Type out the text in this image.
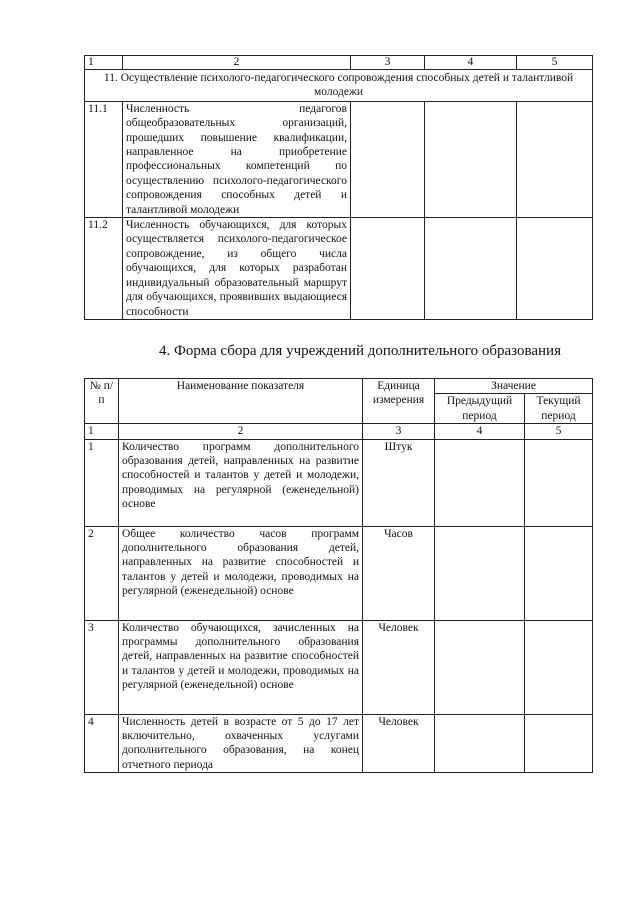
1	2	3	4	5
11. Осуществление психолого-педагогического сопровождения способных детей и талантливой молодежи				
11.1	Численность педагогов общеобразовательных организаций, прошедших повышение квалификации, направленное на приобретение профессиональных компетенций по осуществлению психолого-педагогического сопровождения способных детей и талантливой молодежи			
11.2	Численность обучающихся, для которых осуществляется психолого-педагогическое сопровождение, из общего числа обучающихся, для которых разработан индивидуальный образовательный маршрут для обучающихся, проявивших выдающиеся способности			
4. Форма сбора для учреждений дополнительного образования
№ п/п	Наименование показателя	Единица измерения	Значение	
			Предыдущий период	Текущий период
1	2	3	4	5
1	Количество программ дополнительного образования детей, направленных на развитие способностей и талантов у детей и молодежи, проводимых на регулярной (еженедельной) основе	Штук		
2	Общее количество часов программ дополнительного образования детей, направленных на развитие способностей и талантов у детей и молодежи, проводимых на регулярной (еженедельной) основе	Часов		
3	Количество обучающихся, зачисленных на программы дополнительного образования детей, направленных на развитие способностей и талантов у детей и молодежи, проводимых на регулярной (еженедельной) основе	Человек		
4	Численность детей в возрасте от 5 до 17 лет включительно, охваченных услугами дополнительного образования, на конец отчетного периода	Человек		
